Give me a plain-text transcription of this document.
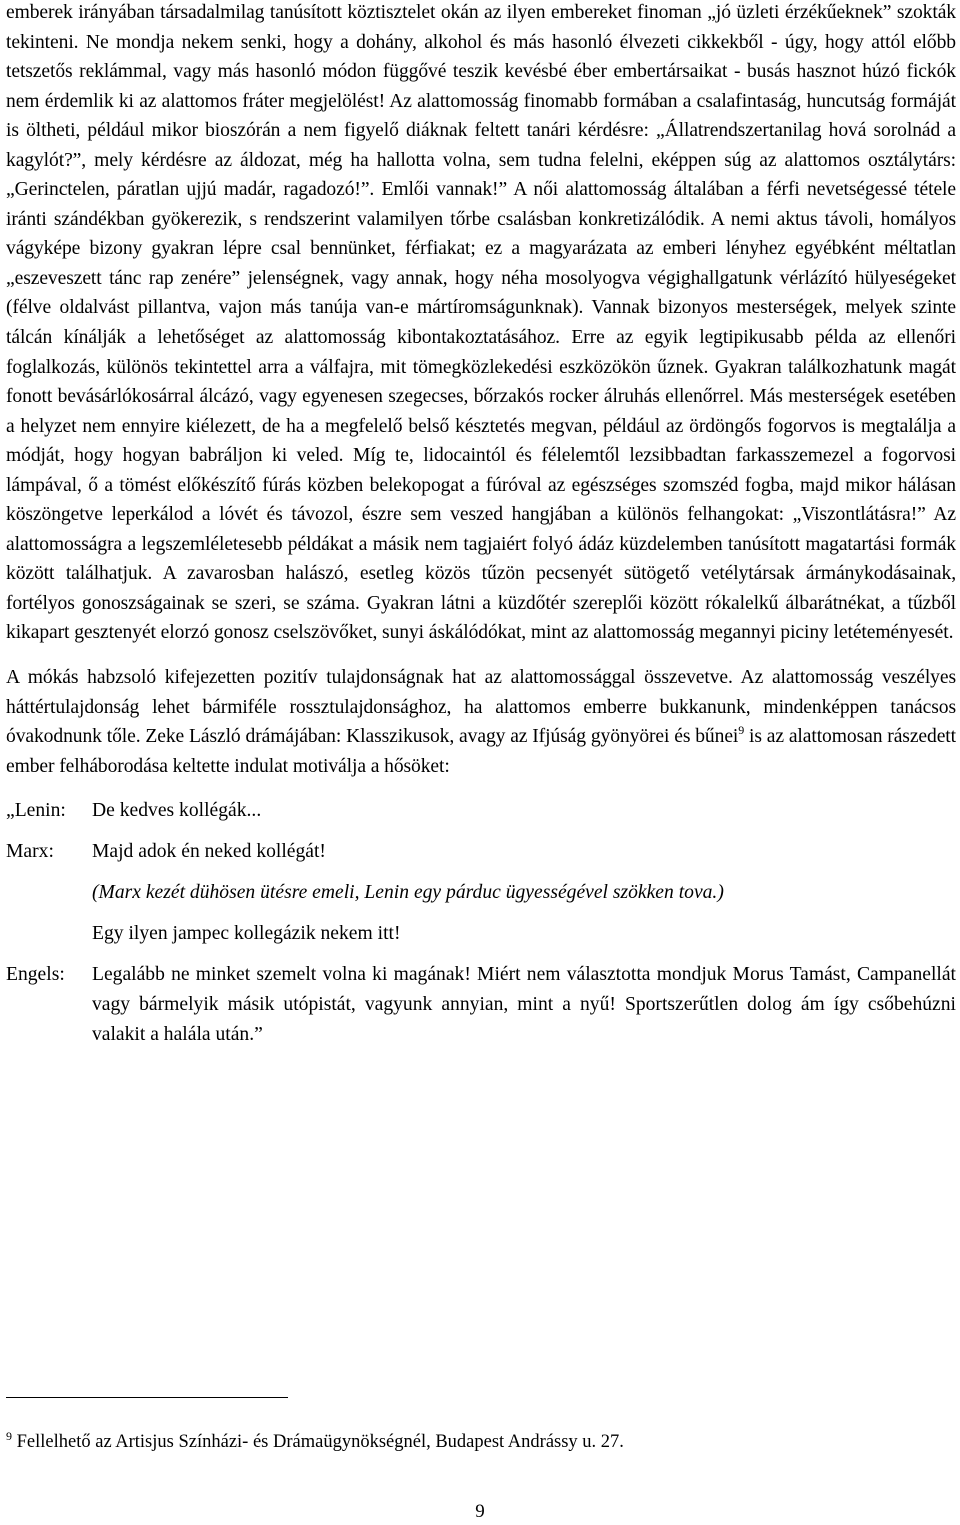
emberek irányában társadalmilag tanúsított köztisztelet okán az ilyen embereket finoman „jó üzleti érzékűeknek” szokták tekinteni. Ne mondja nekem senki, hogy a dohány, alkohol és más hasonló élvezeti cikkekből - úgy, hogy attól előbb tetszetős reklámmal, vagy más hasonló módon függővé teszik kevésbé éber embertársaikat - busás hasznot húzó fickók nem érdemlik ki az alattomos fráter megjelölést! Az alattomosság finomabb formában a csalafintaság, huncutság formáját is öltheti, például mikor bioszórán a nem figyelő diáknak feltett tanári kérdésre: „Állatrendszertanilag hová sorolnád a kagylót?”, mely kérdésre az áldozat, még ha hallotta volna, sem tudna felelni, eképpen súg az alattomos osztálytárs: „Gerinctelen, páratlan ujjú madár, ragadozó!”. Emlői vannak!” A női alattomosság általában a férfi nevetségessé tétele iránti szándékban gyökerezik, s rendszerint valamilyen tőrbe csalásban konkretizálódik. A nemi aktus távoli, homályos vágyképe bizony gyakran lépre csal bennünket, férfiakat; ez a magyarázata az emberi lényhez egyébként méltatlan „eszeveszett tánc rap zenére” jelenségnek, vagy annak, hogy néha mosolyogva végighallgatunk vérlázító hülyeségeket (félve oldalvást pillantva, vajon más tanúja van-e mártíromságunknak). Vannak bizonyos mesterségek, melyek szinte tálcán kínálják a lehetőséget az alattomosság kibontakoztatásához. Erre az egyik legtipikusabb példa az ellenőri foglalkozás, különös tekintettel arra a válfajra, mit tömegközlekedési eszközökön űznek. Gyakran találkozhatunk magát fonott bevásárlókosárral álcázó, vagy egyenesen szegecses, bőrzakós rocker álruhás ellenőrrel. Más mesterségek esetében a helyzet nem ennyire kiélezett, de ha a megfelelő belső késztetés megvan, például az ördöngős fogorvos is megtalálja a módját, hogy hogyan babráljon ki veled. Míg te, lidocaintól és félelemtől lezsibbadtan farkasszemezel a fogorvosi lámpával, ő a tömést előkészítő fúrás közben belekopogat a fúróval az egészséges szomszéd fogba, majd mikor hálásan köszöngetve leperkálod a lóvét és távozol, észre sem veszed hangjában a különös felhangokat: „Viszontlátásra!” Az alattomosságra a legszemléletesebb példákat a másik nem tagjaiért folyó ádáz küzdelemben tanúsított magatartási formák között találhatjuk. A zavarosban halászó, esetleg közös tűzön pecsenyét sütögető vetélytársak ármánykodásainak, fortélyos gonoszságainak se szeri, se száma. Gyakran látni a küzdőtér szereplői között rókalelkű álbarátnékat, a tűzből kikapart gesztenyét elorzó gonosz cselszövőket, sunyi áskálódókat, mint az alattomosság megannyi piciny letéteményesét.

A mókás habzsoló kifejezetten pozitív tulajdonságnak hat az alattomossággal összevetve. Az alattomosság veszélyes háttértulajdonság lehet bármiféle rossztulajdonsághoz, ha alattomos emberre bukkanunk, mindenképpen tanácsos óvakodnunk tőle. Zeke László drámájában: Klasszikusok, avagy az Ifjúság gyönyörei és bűnei$^9$ is az alattomosan rászedett ember felháborodása keltette indulat motiválja a hősöket:

„Lenin:	De kedves kollégák...
Marx:	Majd adok én neked kollégát!
(Marx kezét dühösen ütésre emeli, Lenin egy párduc ügyességével szökken tova.)
Egy ilyen jampec kollegázik nekem itt!
Engels:	Legalább ne minket szemelt volna ki magának! Miért nem választotta mondjuk Morus Tamást, Campanellát vagy bármelyik másik utópistát, vagyunk annyian, mint a nyű! Sportszerűtlen dolog ám így csőbehúzni valakit a halála után.”
$^9$ Fellelhető az Artisjus Színházi- és Drámaügynökségnél, Budapest Andrássy u. 27.
9
